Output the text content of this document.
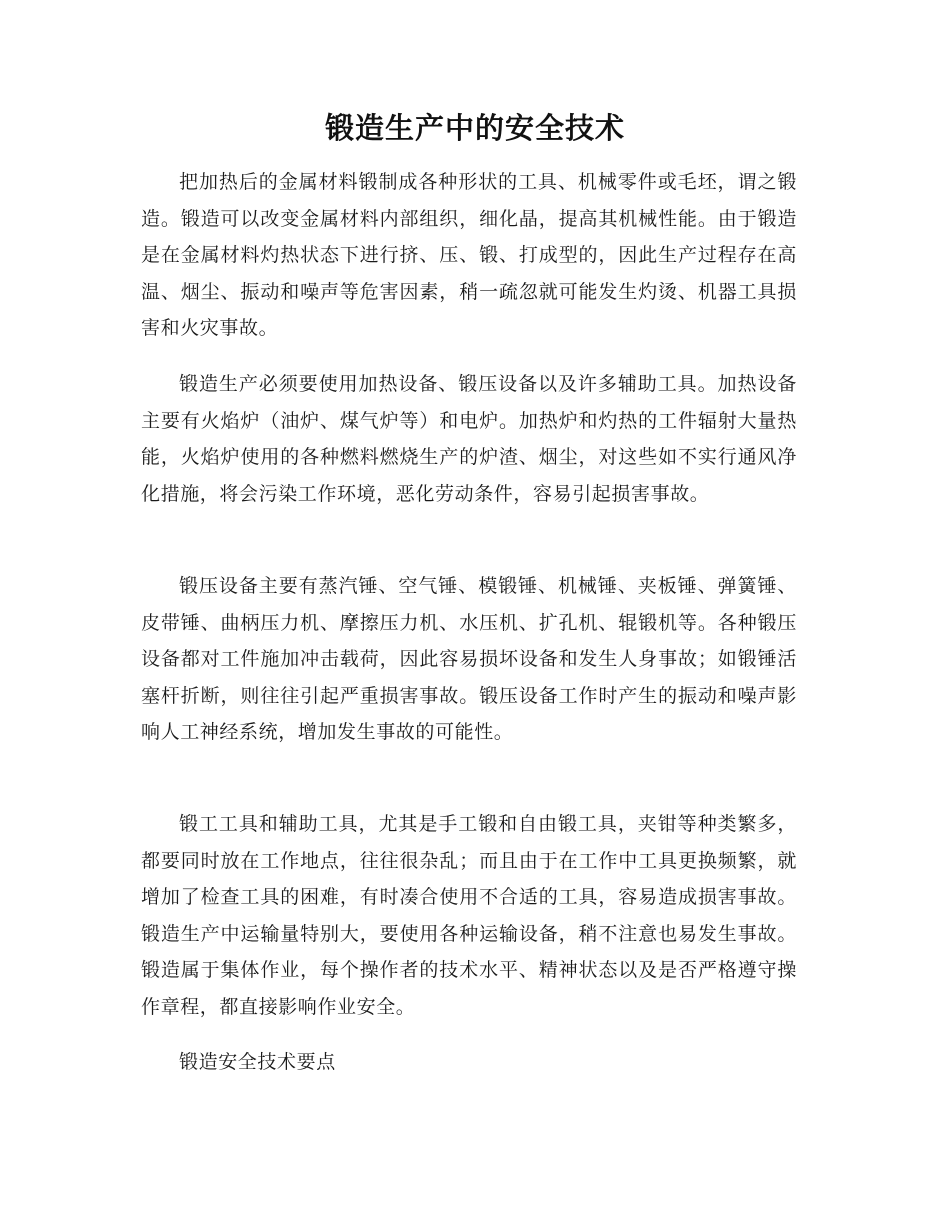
锻造生产中的安全技术

把加热后的金属材料锻制成各种形状的工具、机械零件或毛坯，谓之锻造。锻造可以改变金属材料内部组织，细化晶，提高其机械性能。由于锻造是在金属材料灼热状态下进行挤、压、锻、打成型的，因此生产过程存在高温、烟尘、振动和噪声等危害因素，稍一疏忽就可能发生灼烫、机器工具损害和火灾事故。

锻造生产必须要使用加热设备、锻压设备以及许多辅助工具。加热设备主要有火焰炉（油炉、煤气炉等）和电炉。加热炉和灼热的工件辐射大量热能，火焰炉使用的各种燃料燃烧生产的炉渣、烟尘，对这些如不实行通风净化措施，将会污染工作环境，恶化劳动条件，容易引起损害事故。

锻压设备主要有蒸汽锤、空气锤、模锻锤、机械锤、夹板锤、弹簧锤、皮带锤、曲柄压力机、摩擦压力机、水压机、扩孔机、辊锻机等。各种锻压设备都对工件施加冲击载荷，因此容易损坏设备和发生人身事故；如锻锤活塞杆折断，则往往引起严重损害事故。锻压设备工作时产生的振动和噪声影响人工神经系统，增加发生事故的可能性。

锻工工具和辅助工具，尤其是手工锻和自由锻工具，夹钳等种类繁多，都要同时放在工作地点，往往很杂乱；而且由于在工作中工具更换频繁，就增加了检查工具的困难，有时凑合使用不合适的工具，容易造成损害事故。锻造生产中运输量特别大，要使用各种运输设备，稍不注意也易发生事故。锻造属于集体作业，每个操作者的技术水平、精神状态以及是否严格遵守操作章程，都直接影响作业安全。

锻造安全技术要点
